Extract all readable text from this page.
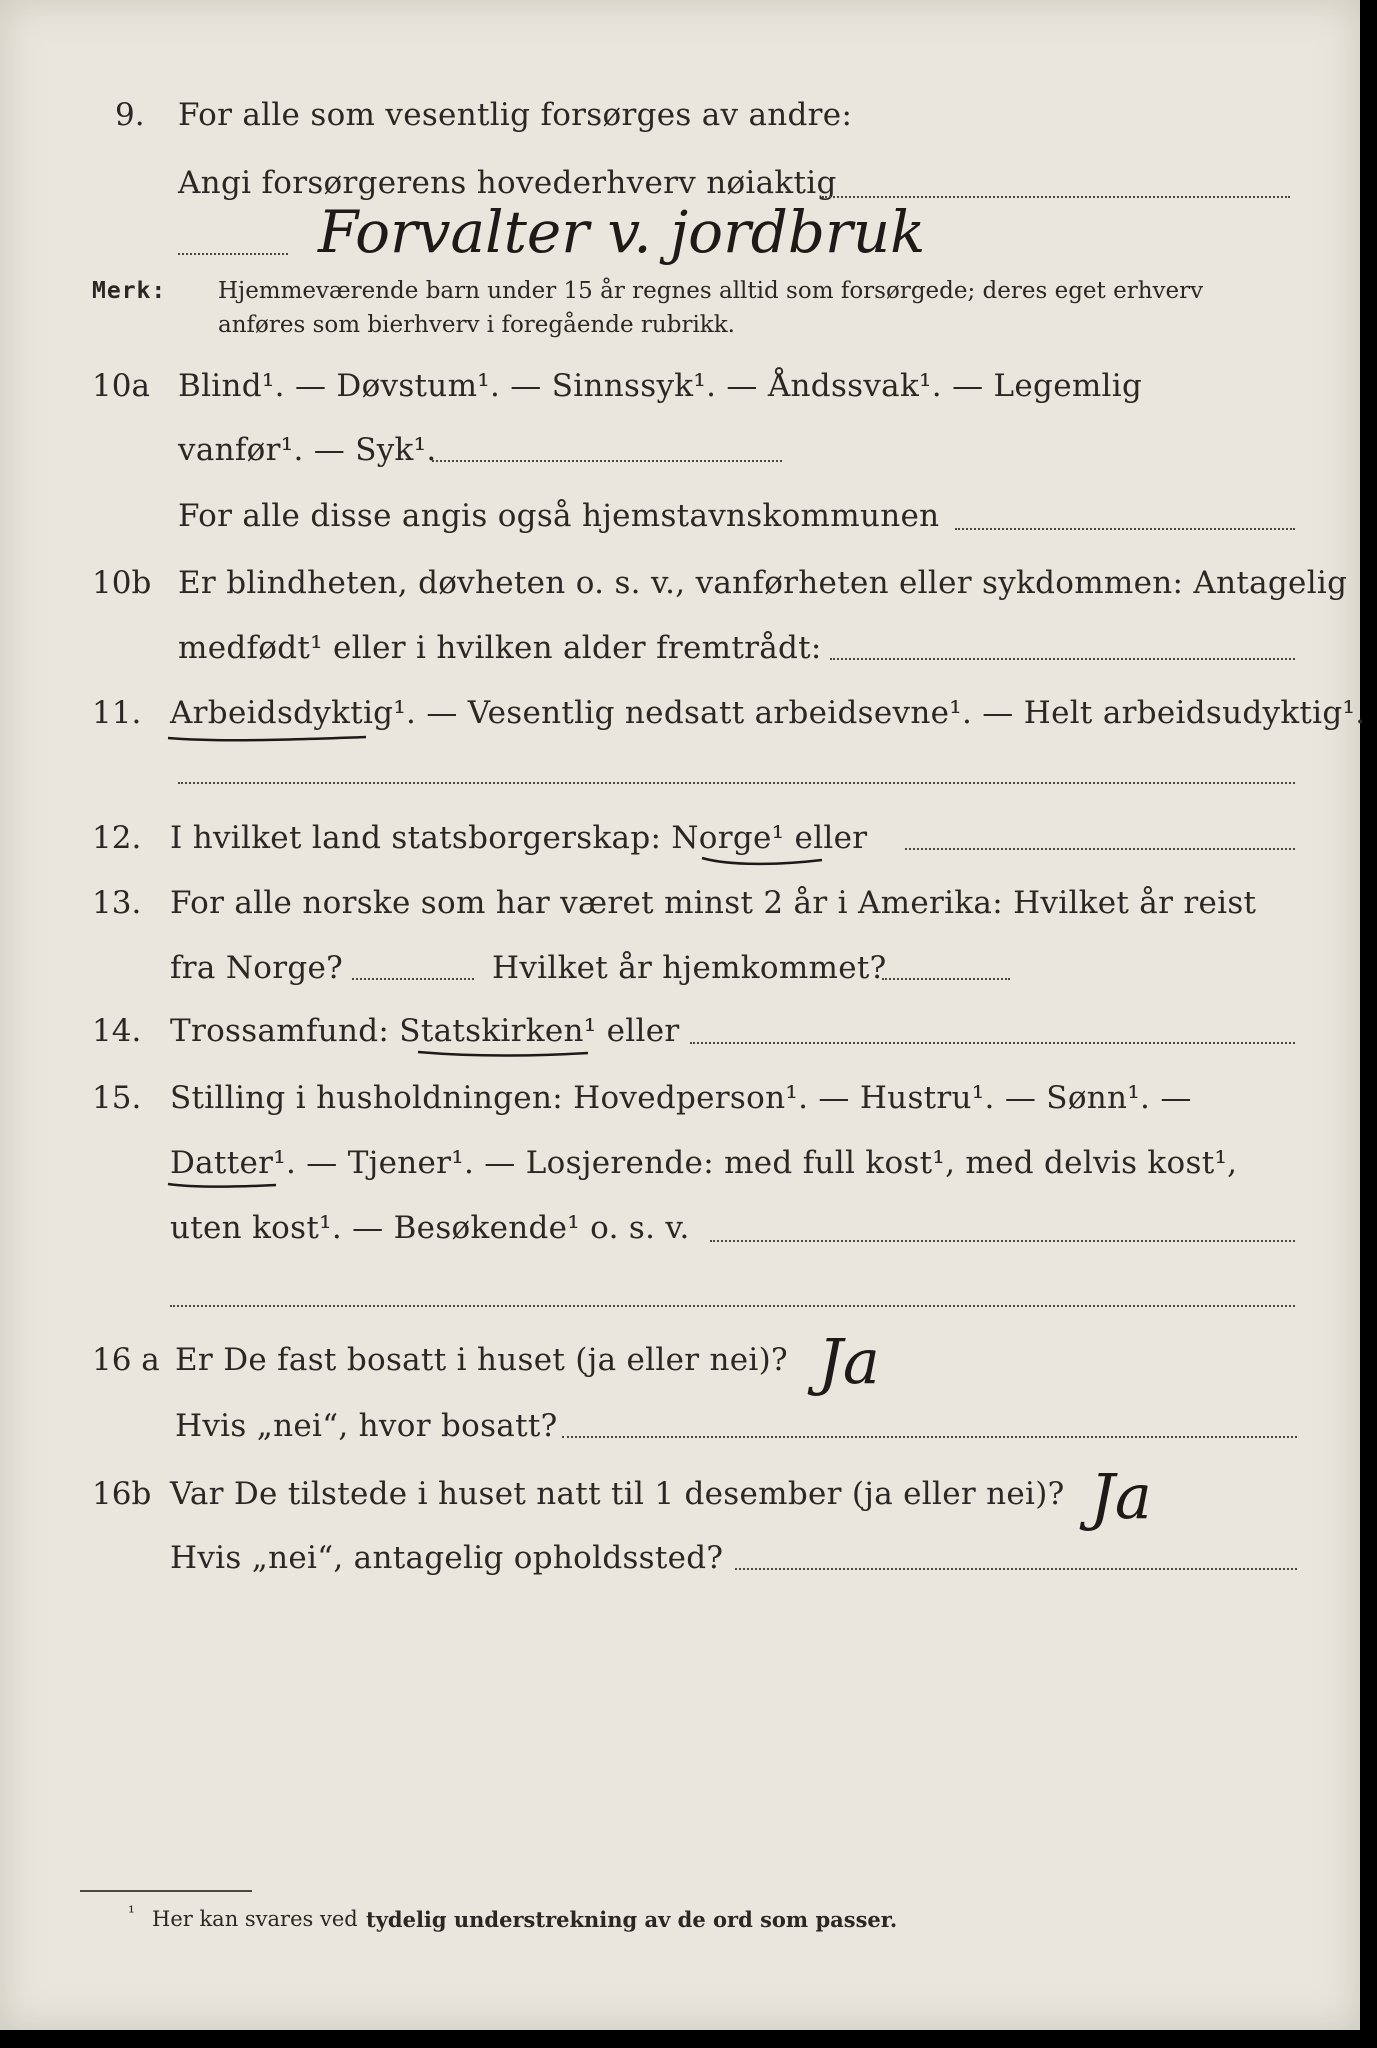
9. For alle som vesentlig forsørges av andre:
Angi forsørgerens hovederhverv nøiaktig
Forvalter v. jordbruk
Merk: Hjemmeværende barn under 15 år regnes alltid som forsørgede; deres eget erhverv
anføres som bierhverv i foregående rubrikk.
10a Blind¹. — Døvstum¹. — Sinnssyk¹. — Åndssvak¹. — Legemlig
vanfør¹. — Syk¹.
For alle disse angis også hjemstavnskommunen
10b Er blindheten, døvheten o. s. v., vanførheten eller sykdommen: Antagelig
medfødt¹ eller i hvilken alder fremtrådt:
11. Arbeidsdyktig¹. — Vesentlig nedsatt arbeidsevne¹. — Helt arbeidsudyktig¹.
12. I hvilket land statsborgerskap: Norge¹ eller
13. For alle norske som har været minst 2 år i Amerika: Hvilket år reist
fra Norge?	Hvilket år hjemkommet?
14. Trossamfund: Statskirken¹ eller
15. Stilling i husholdningen: Hovedperson¹. — Hustru¹. — Sønn¹. —
Datter¹. — Tjener¹. — Losjerende: med full kost¹, med delvis kost¹,
uten kost¹. — Besøkende¹ o. s. v.
16 a Er De fast bosatt i huset (ja eller nei)? Ja
Hvis „nei“, hvor bosatt?
16b Var De tilstede i huset natt til 1 desember (ja eller nei)? Ja
Hvis „nei“, antagelig opholdssted?
¹ Her kan svares ved tydelig understrekning av de ord som passer.
